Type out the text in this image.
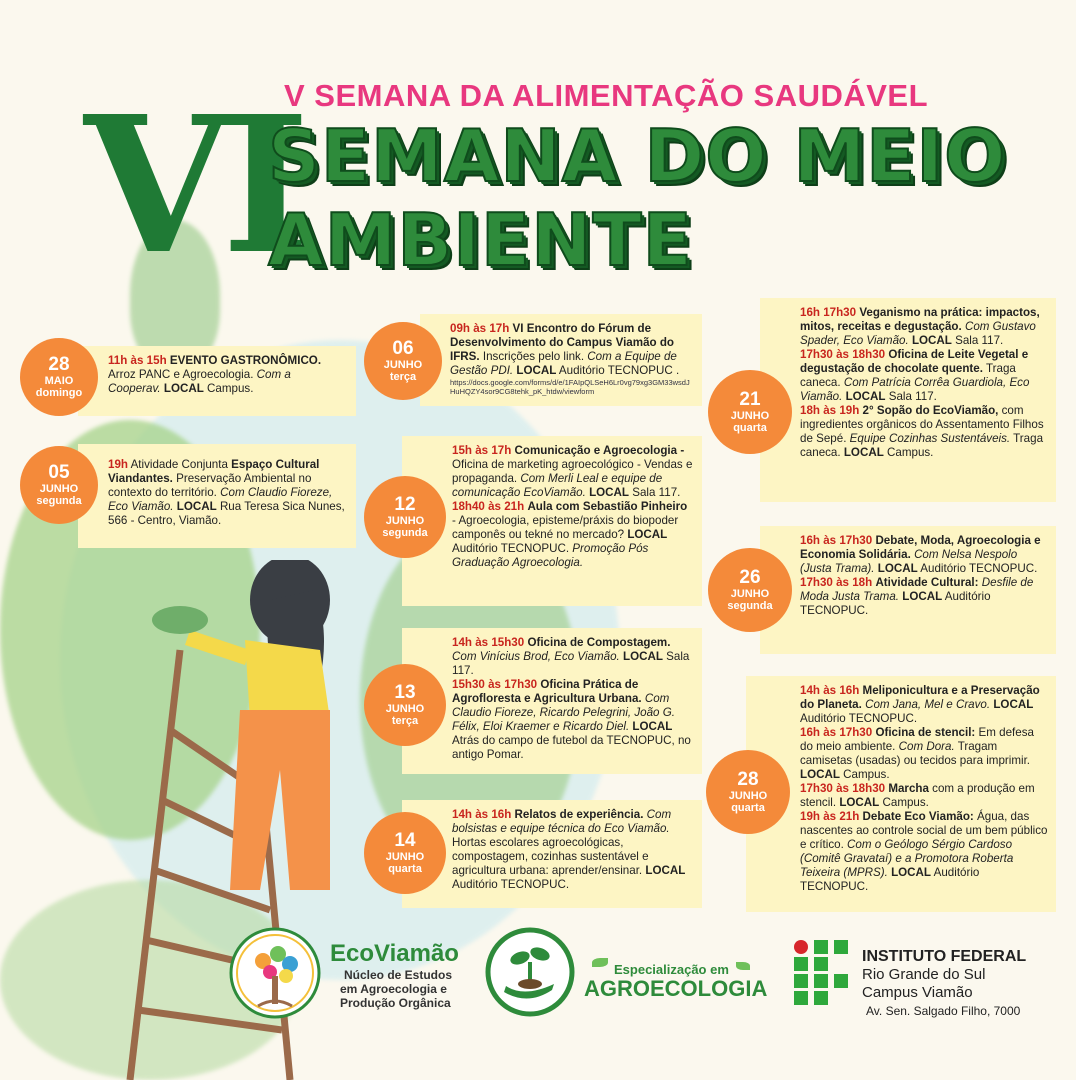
V SEMANA DA ALIMENTAÇÃO SAUDÁVEL
VI
SEMANA DO MEIO
AMBIENTE
11h às 15h EVENTO GASTRONÔMICO.
Arroz PANC e Agroecologia. Com a Cooperav. LOCAL Campus.
28
MAIO
domingo
19h Atividade Conjunta Espaço Cultural Viandantes. Preservação Ambiental no contexto do território. Com Claudio Fioreze, Eco Viamão. LOCAL Rua Teresa Sica Nunes, 566 - Centro, Viamão.
05
JUNHO
segunda
09h às 17h VI Encontro do Fórum de Desenvolvimento do Campus Viamão do IFRS. Inscrições pelo link. Com a Equipe de Gestão PDI. LOCAL Auditório TECNOPUC .
https://docs.google.com/forms/d/e/1FAIpQLSeH6Lr0vg79xg3GM33wsdJHuHQZY4sor9CG8tehk_pK_htdw/viewform
06
JUNHO
terça
15h às 17h Comunicação e Agroecologia - Oficina de marketing agroecológico - Vendas e propaganda. Com Merli Leal e equipe de comunicação EcoViamão. LOCAL Sala 117.
18h40 às 21h Aula com Sebastião Pinheiro - Agroecologia, episteme/práxis do biopoder camponês ou tekné no mercado? LOCAL Auditório TECNOPUC. Promoção Pós Graduação Agroecologia.
12
JUNHO
segunda
14h às 15h30 Oficina de Compostagem.
Com Vinícius Brod, Eco Viamão. LOCAL Sala 117.
15h30 às 17h30 Oficina Prática de Agrofloresta e Agricultura Urbana. Com Claudio Fioreze, Ricardo Pelegrini, João G. Félix, Eloi Kraemer e Ricardo Diel. LOCAL Atrás do campo de futebol da TECNOPUC, no antigo Pomar.
13
JUNHO
terça
14h às 16h Relatos de experiência. Com bolsistas e equipe técnica do Eco Viamão. Hortas escolares agroecológicas, compostagem, cozinhas sustentável e agricultura urbana: aprender/ensinar. LOCAL Auditório TECNOPUC.
14
JUNHO
quarta
16h 17h30 Veganismo na prática: impactos, mitos, receitas e degustação. Com Gustavo Spader, Eco Viamão. LOCAL Sala 117.
17h30 às 18h30 Oficina de Leite Vegetal e degustação de chocolate quente. Traga caneca. Com Patrícia Corrêa Guardiola, Eco Viamão. LOCAL Sala 117.
18h às 19h 2° Sopão do EcoViamão, com ingredientes orgânicos do Assentamento Filhos de Sepé. Equipe Cozinhas Sustentáveis. Traga caneca. LOCAL Campus.
21
JUNHO
quarta
16h às 17h30 Debate, Moda, Agroecologia e Economia Solidária. Com Nelsa Nespolo (Justa Trama). LOCAL Auditório TECNOPUC.
17h30 às 18h Atividade Cultural: Desfile de Moda Justa Trama. LOCAL Auditório TECNOPUC.
26
JUNHO
segunda
14h às 16h Meliponicultura e a Preservação do Planeta. Com Jana, Mel e Cravo. LOCAL Auditório TECNOPUC.
16h às 17h30 Oficina de stencil: Em defesa do meio ambiente. Com Dora. Tragam camisetas (usadas) ou tecidos para imprimir. LOCAL Campus.
17h30 às 18h30 Marcha com a produção em stencil. LOCAL Campus.
19h às 21h Debate Eco Viamão: Água, das nascentes ao controle social de um bem público e crítico. Com o Geólogo Sérgio Cardoso (Comitê Gravataí) e a Promotora Roberta Teixeira (MPRS). LOCAL Auditório TECNOPUC.
28
JUNHO
quarta
EcoViamão
Núcleo de Estudos
em Agroecologia e
Produção Orgânica
Especialização em
AGROECOLOGIA
INSTITUTO FEDERAL
Rio Grande do Sul
Campus Viamão
Av. Sen. Salgado Filho, 7000
